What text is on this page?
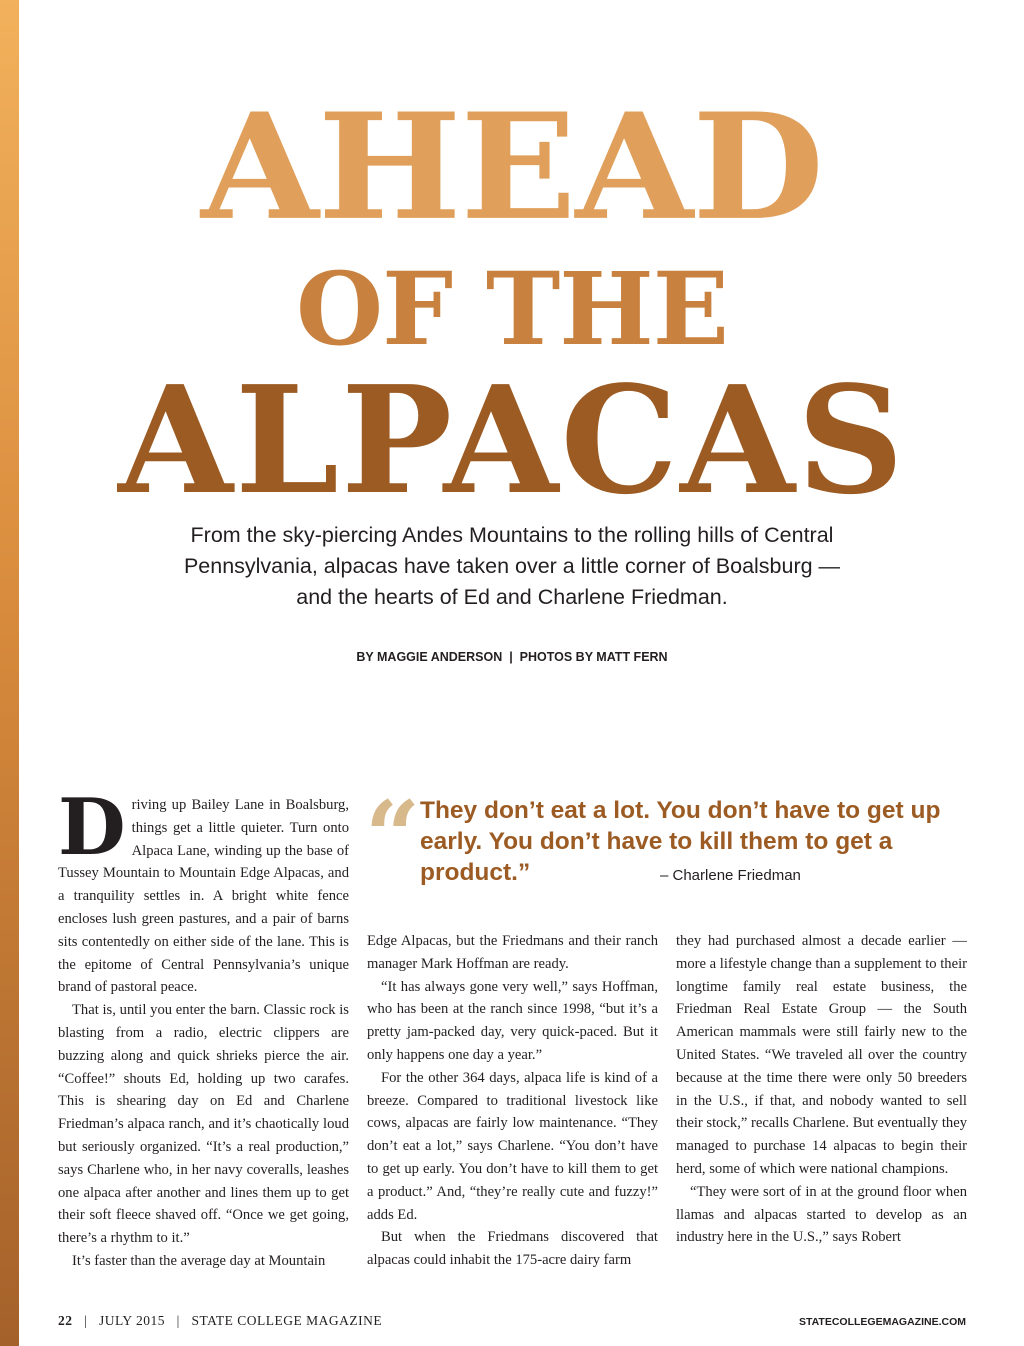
AHEAD
OF THE
ALPACAS
From the sky-piercing Andes Mountains to the rolling hills of Central Pennsylvania, alpacas have taken over a little corner of Boalsburg — and the hearts of Ed and Charlene Friedman.
BY MAGGIE ANDERSON | PHOTOS BY MATT FERN

Driving up Bailey Lane in Boalsburg, things get a little quieter. Turn onto Alpaca Lane, winding up the base of Tussey Mountain to Mountain Edge Alpacas, and a tranquility settles in. A bright white fence encloses lush green pastures, and a pair of barns sits contentedly on either side of the lane. This is the epitome of Central Pennsylvania’s unique brand of pastoral peace.

That is, until you enter the barn. Classic rock is blasting from a radio, electric clippers are buzzing along and quick shrieks pierce the air. “Coffee!” shouts Ed, holding up two carafes. This is shearing day on Ed and Charlene Friedman’s alpaca ranch, and it’s chaotically loud but seriously organized. “It’s a real production,” says Charlene who, in her navy coveralls, leashes one alpaca after another and lines them up to get their soft fleece shaved off. “Once we get going, there’s a rhythm to it.”

It’s faster than the average day at Mountain

“ They don’t eat a lot. You don’t have to get up early. You don’t have to kill them to get a product.”	– Charlene Friedman

Edge Alpacas, but the Friedmans and their ranch manager Mark Hoffman are ready.

“It has always gone very well,” says Hoffman, who has been at the ranch since 1998, “but it’s a pretty jam-packed day, very quick-paced. But it only happens one day a year.”

For the other 364 days, alpaca life is kind of a breeze. Compared to traditional livestock like cows, alpacas are fairly low maintenance. “They don’t eat a lot,” says Charlene. “You don’t have to get up early. You don’t have to kill them to get a product.” And, “they’re really cute and fuzzy!” adds Ed.

But when the Friedmans discovered that alpacas could inhabit the 175-acre dairy farm

they had purchased almost a decade earlier — more a lifestyle change than a supplement to their longtime family real estate business, the Friedman Real Estate Group — the South American mammals were still fairly new to the United States. “We traveled all over the country because at the time there were only 50 breeders in the U.S., if that, and nobody wanted to sell their stock,” recalls Charlene. But eventually they managed to purchase 14 alpacas to begin their herd, some of which were national champions.

“They were sort of in at the ground floor when llamas and alpacas started to develop as an industry here in the U.S.,” says Robert

22 | JULY 2015 | STATE COLLEGE MAGAZINE	STATECOLLEGEMAGAZINE.COM
